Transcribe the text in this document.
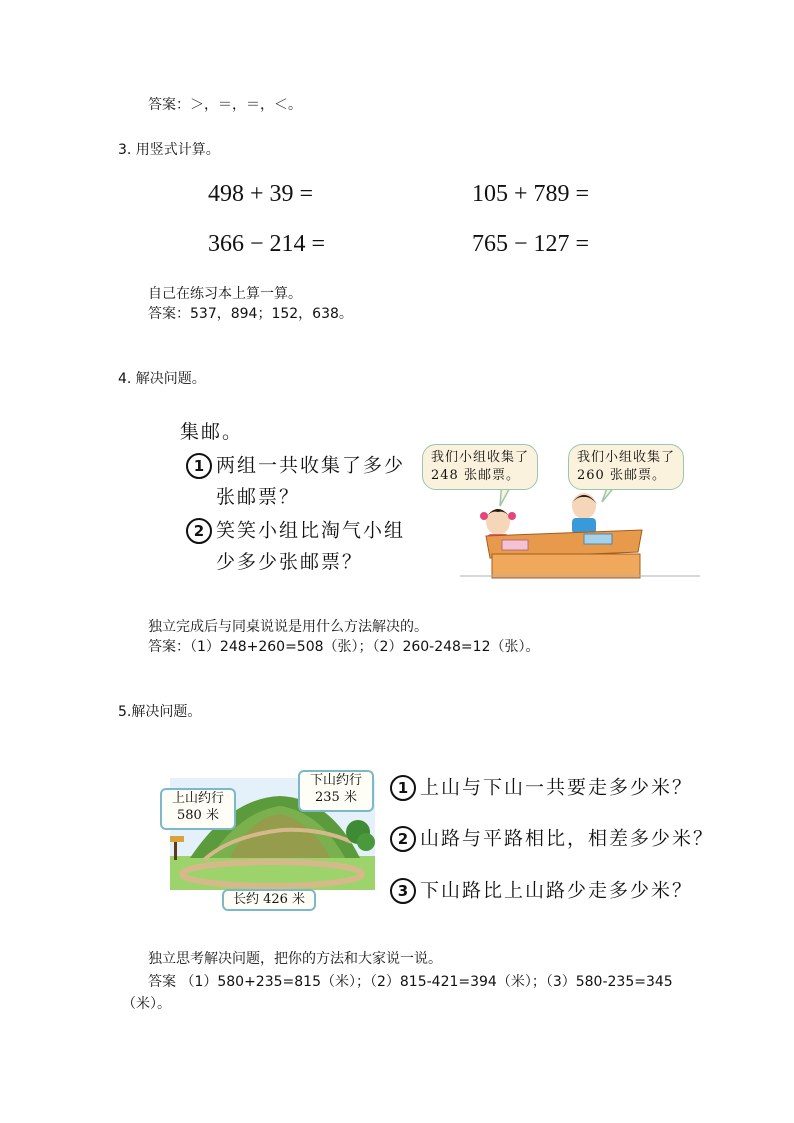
答案：＞，＝，＝，＜。
3. 用竖式计算。
498 + 39 =	105 + 789 =
366 − 214 =	765 − 127 =
自己在练习本上算一算。
答案：537，894；152，638。
4. 解决问题。
集邮。
1 两组一共收集了多少
张邮票？
2 笑笑小组比淘气小组
少多少张邮票？
我们小组收集了
248 张邮票。
我们小组收集了
260 张邮票。
独立完成后与同桌说说是用什么方法解决的。
答案：（1）248+260=508（张）；（2）260-248=12（张）。
5.解决问题。
上山约行
580 米
下山约行
235 米
长约 426 米
1 上山与下山一共要走多少米？
2 山路与平路相比，相差多少米？
3 下山路比上山路少走多少米？
独立思考解决问题，把你的方法和大家说一说。
答案 （1）580+235=815（米）；（2）815-421=394（米）；（3）580-235=345
（米）。
